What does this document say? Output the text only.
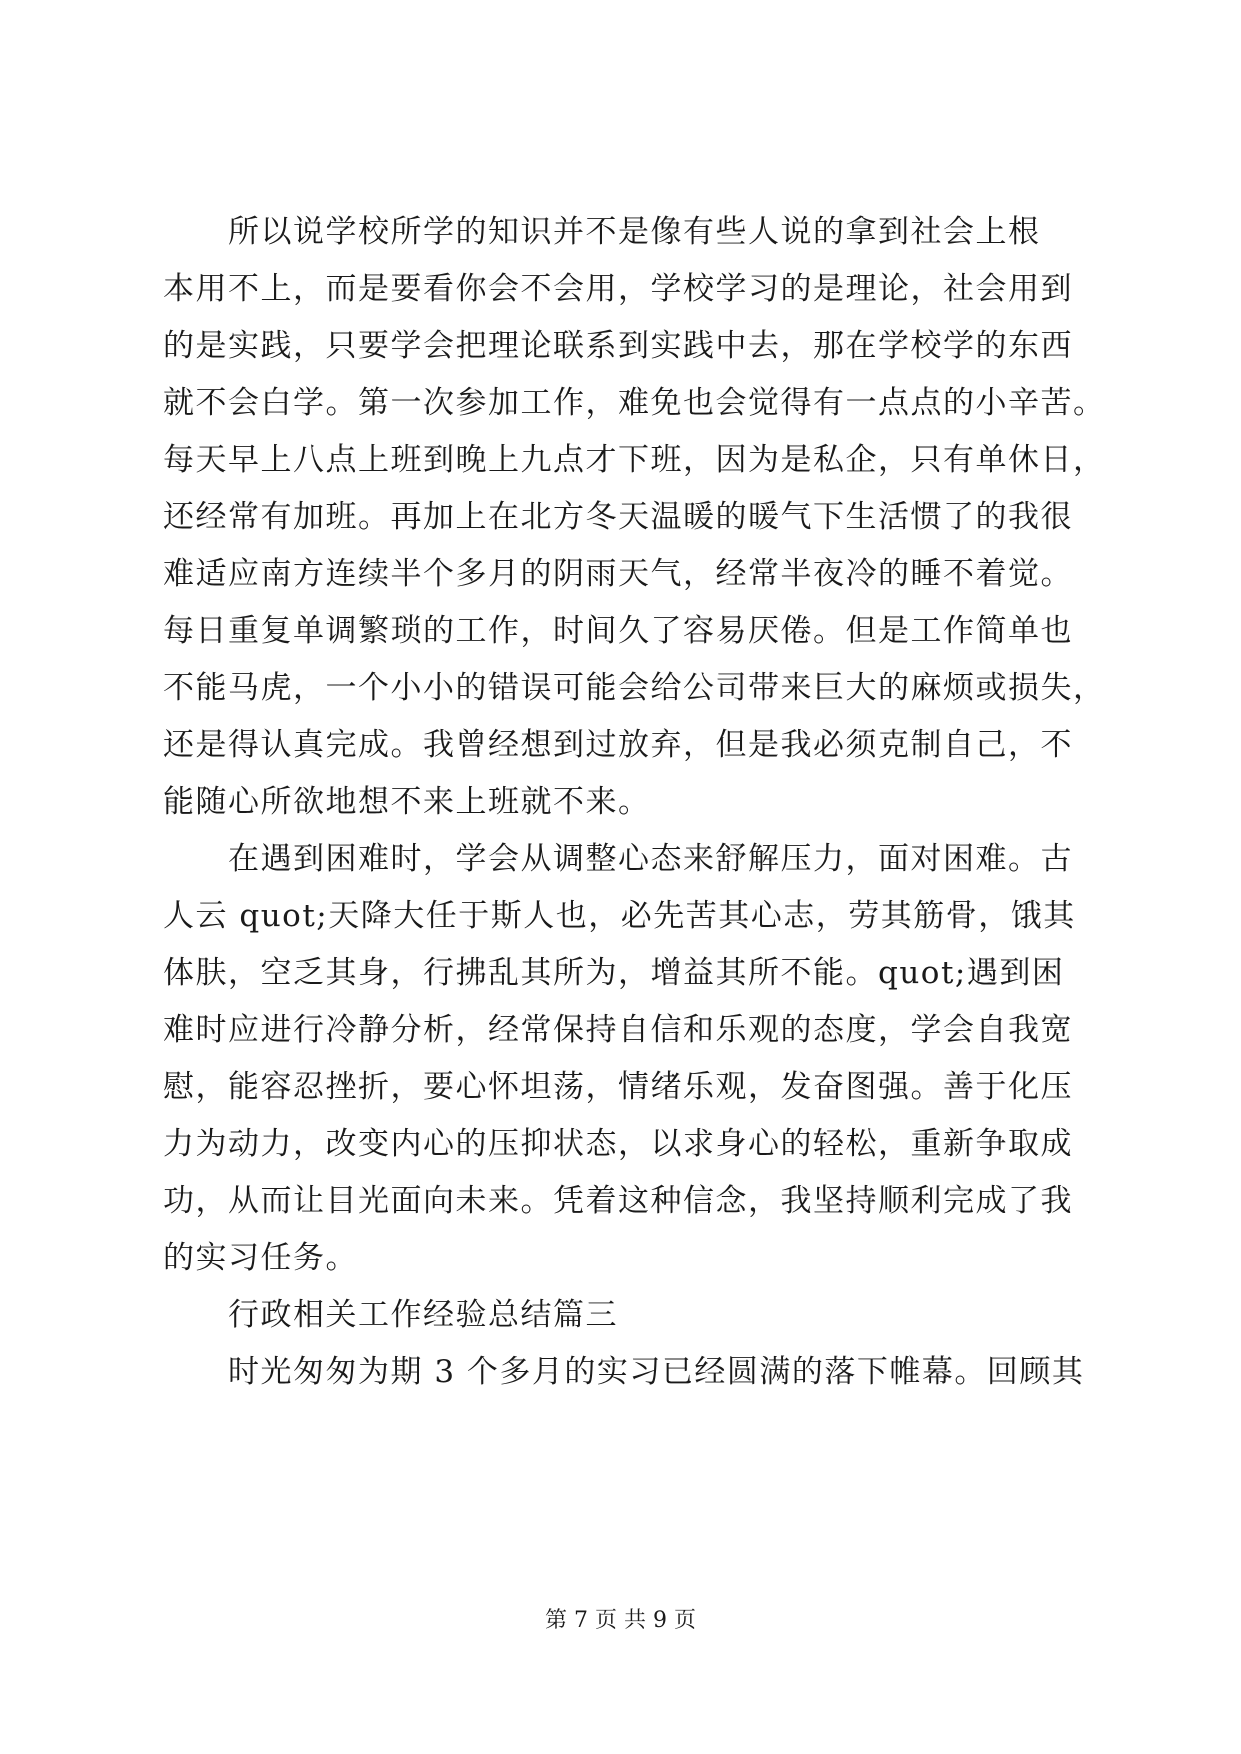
　　所以说学校所学的知识并不是像有些人说的拿到社会上根
本用不上，而是要看你会不会用，学校学习的是理论，社会用到
的是实践，只要学会把理论联系到实践中去，那在学校学的东西
就不会白学。第一次参加工作，难免也会觉得有一点点的小辛苦。
每天早上八点上班到晚上九点才下班，因为是私企，只有单休日，
还经常有加班。再加上在北方冬天温暖的暖气下生活惯了的我很
难适应南方连续半个多月的阴雨天气，经常半夜冷的睡不着觉。
每日重复单调繁琐的工作，时间久了容易厌倦。但是工作简单也
不能马虎，一个小小的错误可能会给公司带来巨大的麻烦或损失，
还是得认真完成。我曾经想到过放弃，但是我必须克制自己，不
能随心所欲地想不来上班就不来。
　　在遇到困难时，学会从调整心态来舒解压力，面对困难。古
人云 quot;天降大任于斯人也，必先苦其心志，劳其筋骨，饿其
体肤，空乏其身，行拂乱其所为，增益其所不能。quot;遇到困
难时应进行冷静分析，经常保持自信和乐观的态度，学会自我宽
慰，能容忍挫折，要心怀坦荡，情绪乐观，发奋图强。善于化压
力为动力，改变内心的压抑状态，以求身心的轻松，重新争取成
功，从而让目光面向未来。凭着这种信念，我坚持顺利完成了我
的实习任务。
　　行政相关工作经验总结篇三
　　时光匆匆为期 3 个多月的实习已经圆满的落下帷幕。回顾其
第 7 页 共 9 页
